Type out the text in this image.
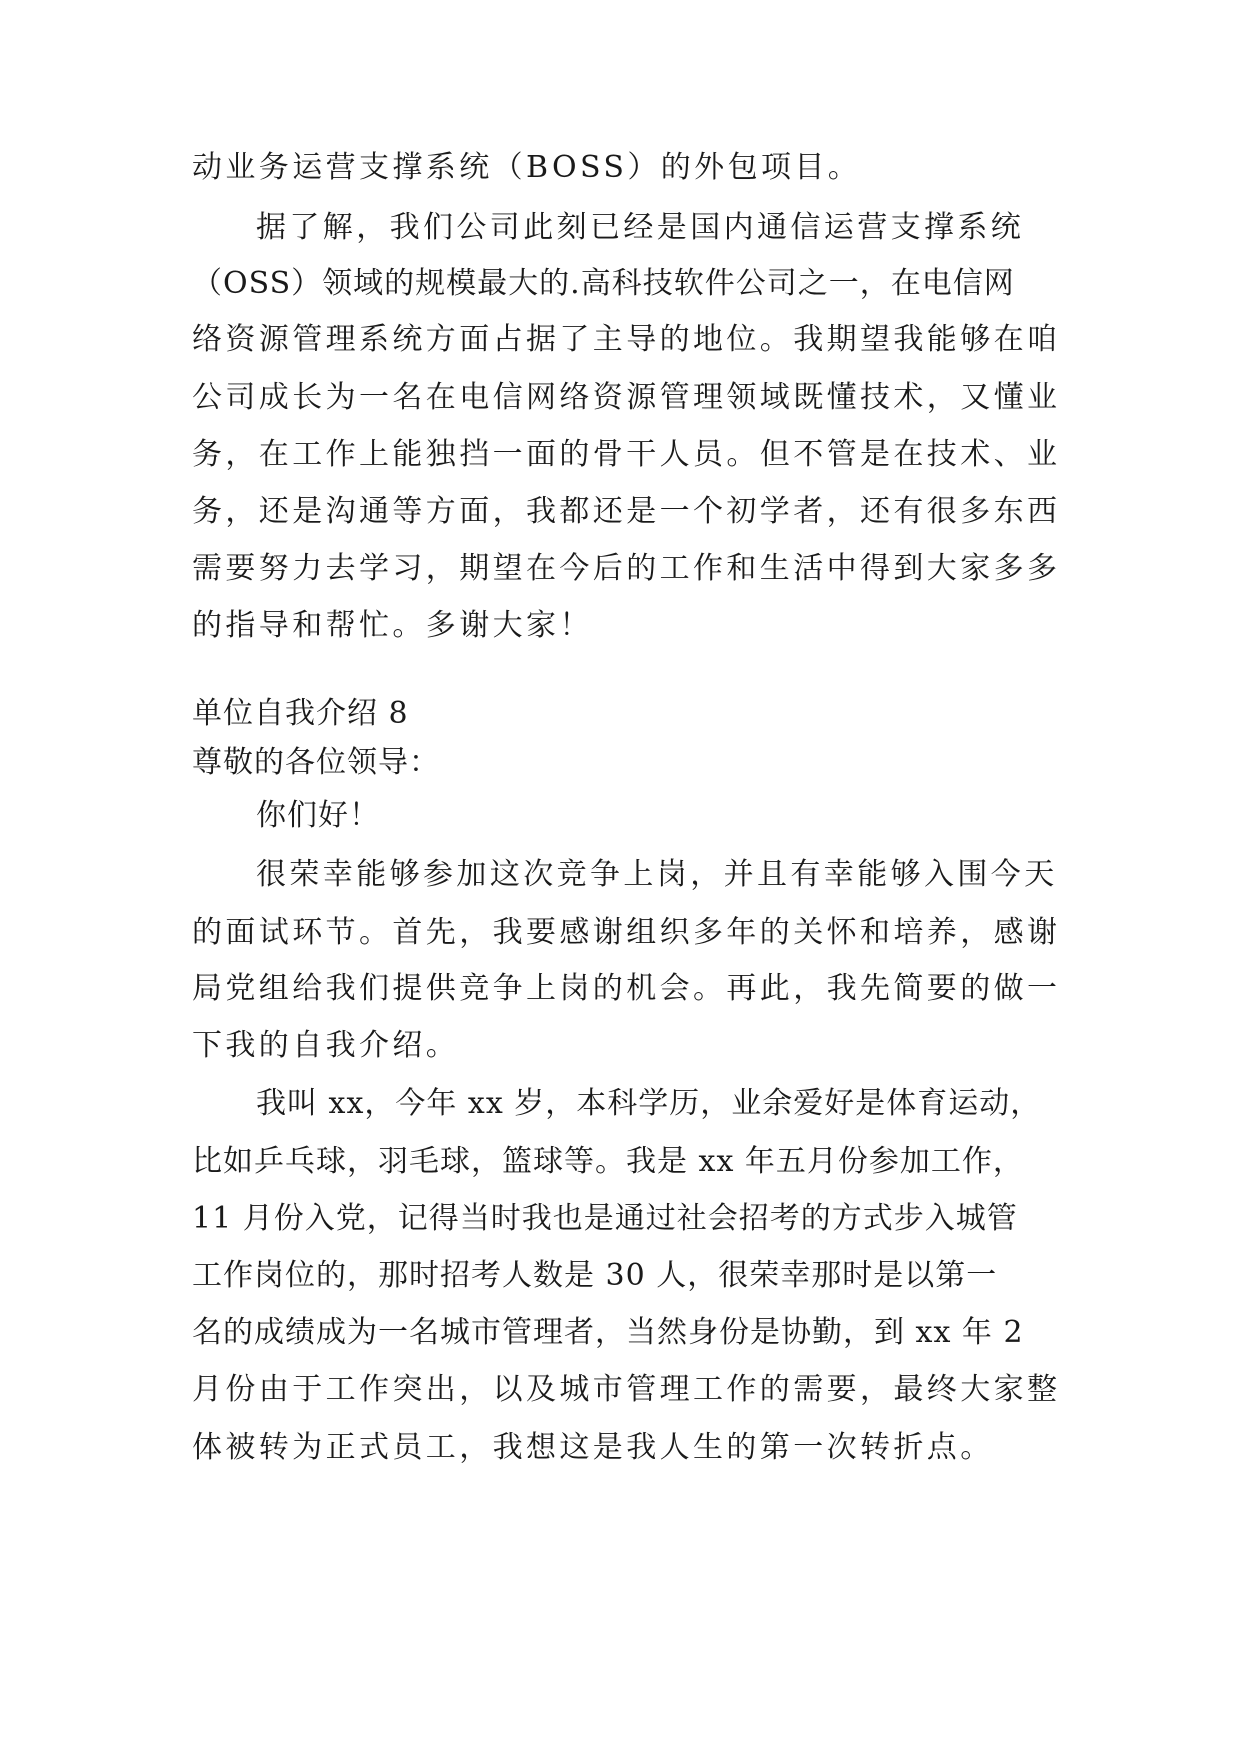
动业务运营支撑系统（BOSS）的外包项目。
据了解，我们公司此刻已经是国内通信运营支撑系统
（OSS）领域的规模最大的.高科技软件公司之一，在电信网
络资源管理系统方面占据了主导的地位。我期望我能够在咱
公司成长为一名在电信网络资源管理领域既懂技术，又懂业
务，在工作上能独挡一面的骨干人员。但不管是在技术、业
务，还是沟通等方面，我都还是一个初学者，还有很多东西
需要努力去学习，期望在今后的工作和生活中得到大家多多
的指导和帮忙。多谢大家！
单位自我介绍 8
尊敬的各位领导：
你们好！
很荣幸能够参加这次竞争上岗，并且有幸能够入围今天
的面试环节。首先，我要感谢组织多年的关怀和培养，感谢
局党组给我们提供竞争上岗的机会。再此，我先简要的做一
下我的自我介绍。
我叫 xx，今年 xx 岁，本科学历，业余爱好是体育运动，
比如乒乓球，羽毛球，篮球等。我是 xx 年五月份参加工作，
11 月份入党，记得当时我也是通过社会招考的方式步入城管
工作岗位的，那时招考人数是 30 人，很荣幸那时是以第一
名的成绩成为一名城市管理者，当然身份是协勤，到 xx 年 2
月份由于工作突出，以及城市管理工作的需要，最终大家整
体被转为正式员工，我想这是我人生的第一次转折点。
